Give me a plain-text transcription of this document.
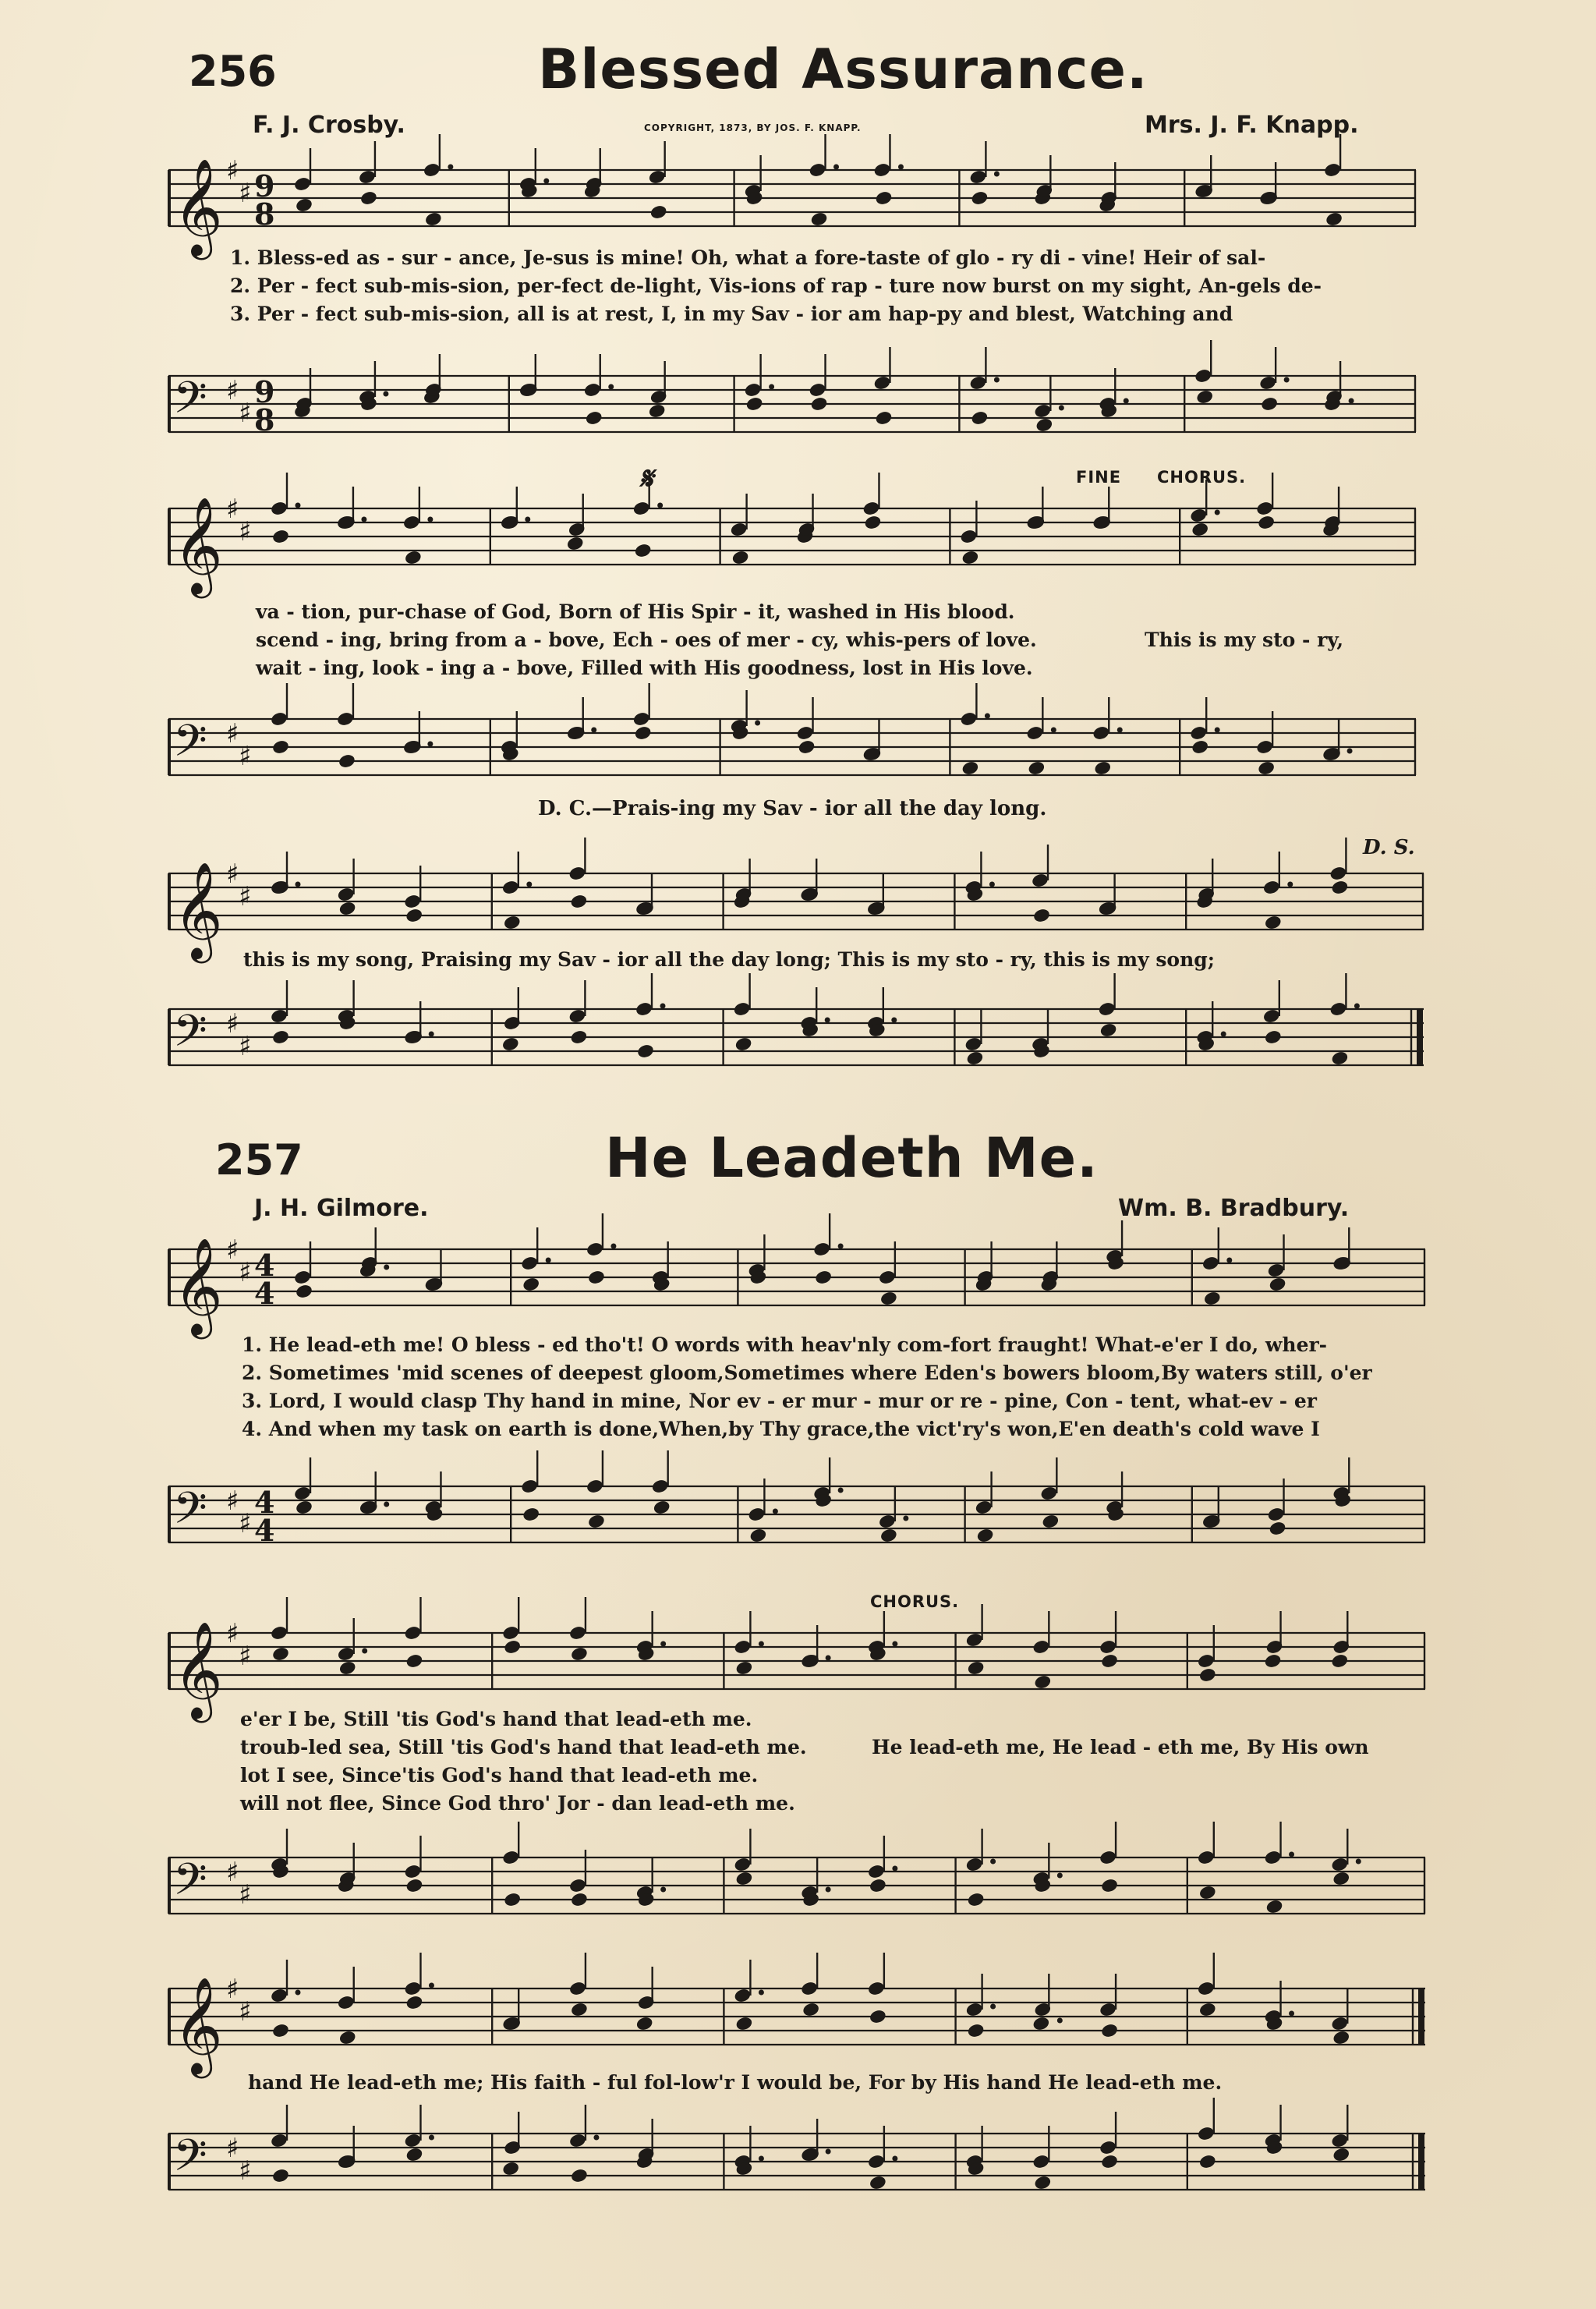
256	Blessed Assurance.
F. J. Crosby.	COPYRIGHT, 1873, BY JOS. F. KNAPP.	Mrs. J. F. Knapp.
𝄞 ♯
♯ 9
8
1. Bless-ed as - sur - ance, Je-sus is mine! Oh, what a fore-taste of glo - ry di - vine! Heir of sal-
2. Per - fect sub-mis-sion, per-fect de-light, Vis-ions of rap - ture now burst on my sight, An-gels de-
3. Per - fect sub-mis-sion, all is at rest, I, in my Sav - ior am hap-py and blest, Watching and
𝄢 ♯
♯
9
8
𝄋	FINE CHORUS.
𝄞 ♯
♯
va - tion, pur-chase of God, Born of His Spir - it, washed in His blood.
scend - ing, bring from a - bove, Ech - oes of mer - cy, whis-pers of love.	This is my sto - ry,
wait - ing, look - ing a - bove, Filled with His goodness, lost in His love.
𝄢 ♯
♯
D. C.—Prais-ing my Sav - ior all the day long.
D. S.
𝄞 ♯
♯
this is my song, Praising my Sav - ior all the day long; This is my sto - ry, this is my song;
𝄢 ♯
♯
257	He Leadeth Me.
J. H. Gilmore.	Wm. B. Bradbury.
𝄞 ♯
♯ 4
4
1. He lead-eth me! O bless - ed tho't! O words with heav'nly com-fort fraught! What-e'er I do, wher-
2. Sometimes 'mid scenes of deepest gloom,Sometimes where Eden's bowers bloom,By waters still, o'er
3. Lord, I would clasp Thy hand in mine, Nor ev - er mur - mur or re - pine, Con - tent, what-ev - er
4. And when my task on earth is done,When,by Thy grace,the vict'ry's won,E'en death's cold wave I
𝄢 ♯
♯
4
4
CHORUS.
𝄞 ♯
♯
e'er I be, Still 'tis God's hand that lead-eth me.
troub-led sea, Still 'tis God's hand that lead-eth me.	He lead-eth me, He lead - eth me, By His own
lot I see, Since'tis God's hand that lead-eth me.
will not flee, Since God thro' Jor - dan lead-eth me.
𝄢 ♯
♯
𝄞 ♯
♯
hand He lead-eth me; His faith - ful fol-low'r I would be, For by His hand He lead-eth me.
𝄢 ♯
♯
